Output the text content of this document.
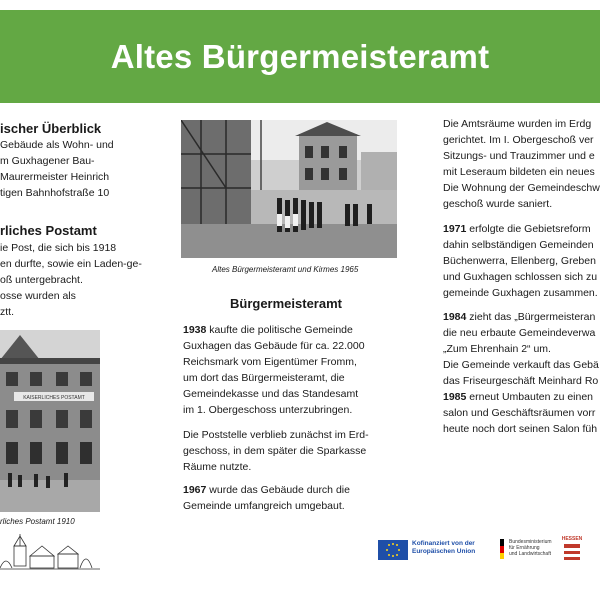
Altes Bürgermeisteramt
ischer Überblick
Gebäude als Wohn- und
m Guxhagener Bau-
Maurermeister Heinrich
tigen Bahnhofstraße 10
rliches Postamt
ie Post, die sich bis 1918
en durfte, sowie ein Laden-ge-
oß untergebracht.
osse wurden als
ztt.
KAISERLICHES POSTAMT
rliches Postamt 1910
Altes Bürgermeisteramt und Kirmes 1965
Bürgermeisteramt
1938 kaufte die politische Gemeinde
Guxhagen das Gebäude für ca. 22.000
Reichsmark vom Eigentümer Fromm,
um dort das Bürgermeisteramt, die
Gemeindekasse und das Standesamt
im 1. Obergeschoss unterzubringen.
Die Poststelle verblieb zunächst im Erd-
geschoss, in dem später die Sparkasse
Räume nutzte.
1967 wurde das Gebäude durch die
Gemeinde umfangreich umgebaut.
Die Amtsräume wurden im Erdg
gerichtet. Im I. Obergeschoß ver
Sitzungs- und Trauzimmer und e
mit Leseraum bildeten ein neues
Die Wohnung der Gemeindeschw
geschoß wurde saniert.
1971 erfolgte die Gebietsreform
dahin selbständigen Gemeinden
Büchenwerra, Ellenberg, Greben
und Guxhagen schlossen sich zu
gemeinde Guxhagen zusammen.
1984 zieht das „Bürgermeisteran
die neu erbaute Gemeindeverwa
„Zum Ehrenhain 2“ um.
Die Gemeinde verkauft das Gebä
das Friseurgeschäft Meinhard Ro
1985 erneut Umbauten zu einen
salon und Geschäftsräumen vorr
heute noch dort seinen Salon füh
Kofinanziert von der
Europäischen Union
Bundesministerium
für Ernährung
und Landwirtschaft
HESSEN
